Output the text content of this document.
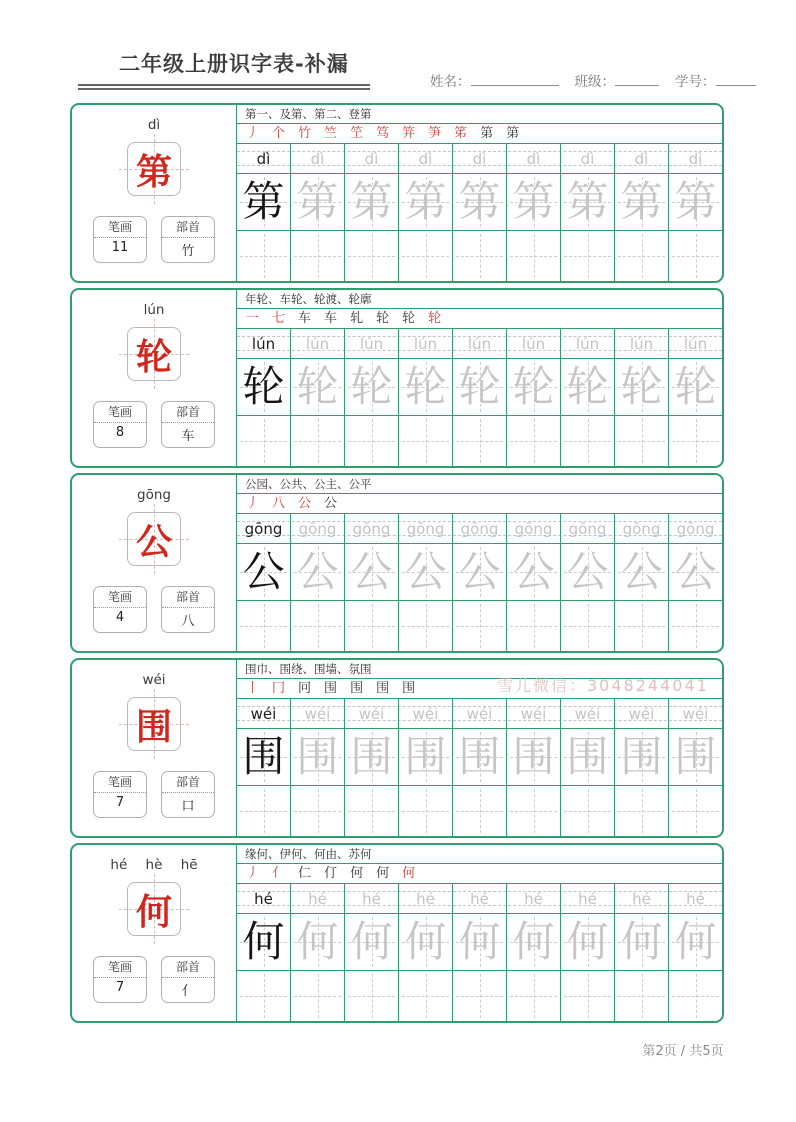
二年级上册识字表-补漏
姓名：	班级：	学号：
dì
第
笔画
11
部首
竹
第一、及第、第二、登第
丿 个 竹 竺 笁 笃 笄 笋 笫 第 第
dì	dì	dì	dì	dì	dì	dì	dì	dì
第 第 第 第 第 第 第 第 第
lún
轮
笔画
8
部首
车
年轮、车轮、轮渡、轮廓
一 七 车 车 轧 轮 轮 轮
lún	lún	lún	lún	lún	lún	lún	lún	lún
轮 轮 轮 轮 轮 轮 轮 轮 轮
gōng
公
笔画
4
部首
八
公园、公共、公主、公平
丿 八 公 公
gōng	gōng	gōng	gōng	gōng	gōng	gōng	gōng	gōng
公 公 公 公 公 公 公 公 公
wéi
围
笔画
7
部首
口
围巾、围绕、围墙、氛围
丨 冂 冋 围 围 围 围
wéi	wéi	wéi	wéi	wéi	wéi	wéi	wéi	wéi
围 围 围 围 围 围 围 围 围
hé hè hē
何
笔画
7
部首
亻
缘何、伊何、何由、苏何
丿 亻 仁 仃 何 何 何
hé	hé	hé	hé	hé	hé	hé	hé	hé
何 何 何 何 何 何 何 何 何
雪儿微信：3048244041
第2页 / 共5页
